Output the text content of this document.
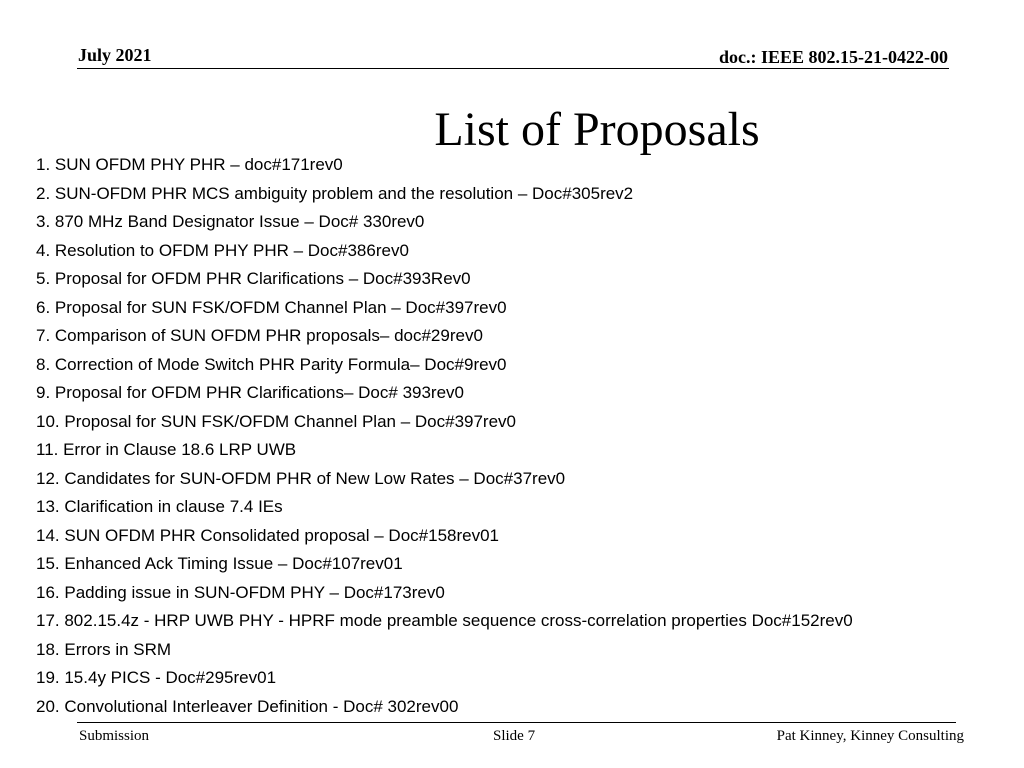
July 2021	doc.: IEEE 802.15-21-0422-00
List of Proposals
1. SUN OFDM PHY PHR – doc#171rev0
2. SUN-OFDM PHR MCS ambiguity problem and the resolution – Doc#305rev2
3. 870 MHz Band Designator Issue – Doc# 330rev0
4. Resolution to OFDM PHY PHR – Doc#386rev0
5. Proposal for OFDM PHR Clarifications – Doc#393Rev0
6. Proposal for SUN FSK/OFDM Channel Plan – Doc#397rev0
7. Comparison of SUN OFDM PHR proposals– doc#29rev0
8. Correction of Mode Switch PHR Parity Formula– Doc#9rev0
9. Proposal for OFDM PHR Clarifications– Doc# 393rev0
10. Proposal for SUN FSK/OFDM Channel Plan – Doc#397rev0
11. Error in Clause 18.6 LRP UWB
12. Candidates for SUN-OFDM PHR of New Low Rates – Doc#37rev0
13. Clarification in clause 7.4 IEs
14. SUN OFDM PHR Consolidated proposal – Doc#158rev01
15. Enhanced Ack Timing Issue – Doc#107rev01
16. Padding issue in SUN-OFDM PHY – Doc#173rev0
17. 802.15.4z - HRP UWB PHY - HPRF mode preamble sequence cross-correlation properties Doc#152rev0
18. Errors in SRM
19. 15.4y PICS - Doc#295rev01
20. Convolutional Interleaver Definition - Doc# 302rev00
Submission	Slide 7	Pat Kinney, Kinney Consulting
